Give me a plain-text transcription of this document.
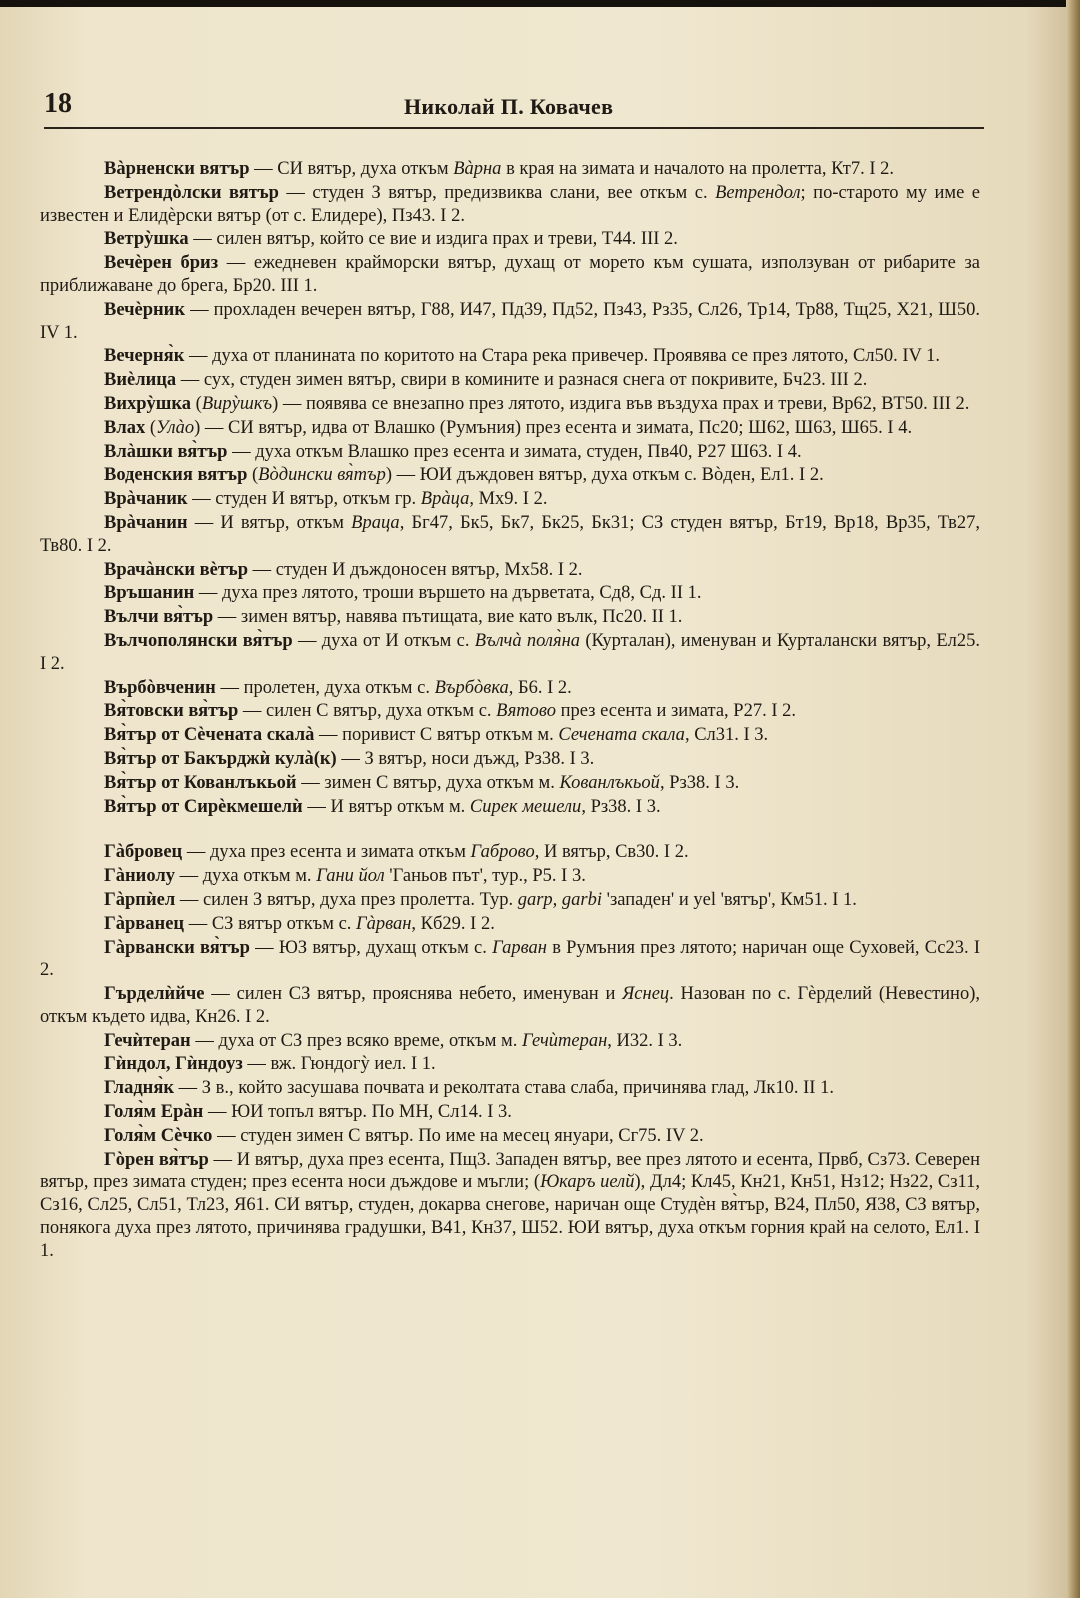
18	Николай П. Ковачев

Вàрненски вятър — СИ вятър, духа откъм Вàрна в края на зимата и началото на пролетта, Кт7. I 2.

Ветрендòлски вятър — студен З вятър, предизвиква слани, вее откъм с. Ветрендол; по-старото му име е известен и Елидèрски вятър (от с. Елидере), Пз43. I 2.

Ветрỳшка — силен вятър, който се вие и издига прах и треви, Т44. III 2.

Вечѐрен бриз — ежедневен крайморски вятър, духащ от морето към сушата, използуван от рибарите за приближаване до брега, Бр20. III 1.

Вечѐрник — прохладен вечерен вятър, Г88, И47, Пд39, Пд52, Пз43, Рз35, Сл26, Тр14, Тр88, Тщ25, Х21, Ш50. IV 1.

Вечерня̀к — духа от планината по коритото на Стара река привечер. Проявява се през лятото, Сл50. IV 1.

Виѐлица — сух, студен зимен вятър, свири в комините и разнася снега от покривите, Бч23. III 2.

Вихрỳшка (Вирỳшкъ) — появява се внезапно през лятото, издига във въздуха прах и треви, Вр62, ВТ50. III 2.

Влах (Улàо) — СИ вятър, идва от Влашко (Румъния) през есента и зимата, Пс20; Ш62, Ш63, Ш65. I 4.

Влàшки вя̀тър — духа откъм Влашко през есента и зимата, студен, Пв40, Р27 Ш63. I 4.

Воденския вятър (Вòдински вя̀тър) — ЮИ дъждовен вятър, духа откъм с. Вòден, Ел1. I 2.

Врàчаник — студен И вятър, откъм гр. Врàца, Мх9. I 2.

Врàчанин — И вятър, откъм Враца, Бг47, Бк5, Бк7, Бк25, Бк31; СЗ студен вятър, Бт19, Вр18, Вр35, Тв27, Тв80. I 2.

Врачàнски вѐтър — студен И дъждоносен вятър, Мх58. I 2.

Връшанин — духа през лятото, троши вършето на дърветата, Сд8, Сд. II 1.

Вълчи вя̀тър — зимен вятър, навява пътищата, вие като вълк, Пс20. II 1.

Вълчополянски вя̀тър — духа от И откъм с. Вълчà поля̀на (Курталан), именуван и Курталански вятър, Ел25. I 2.

Върбòвченин — пролетен, духа откъм с. Върбòвка, Б6. I 2.

Вя̀товски вя̀тър — силен С вятър, духа откъм с. Вятово през есента и зимата, Р27. I 2.

Вя̀тър от Сѐчената скалà — поривист С вятър откъм м. Сечената скала, Сл31. I 3.

Вя̀тър от Бакърджѝ кулà(к) — З вятър, носи дъжд, Рз38. I 3.

Вя̀тър от Кованлъкьой — зимен С вятър, духа откъм м. Кованлъкьой, Рз38. I 3.

Вя̀тър от Сирѐкмешелѝ — И вятър откъм м. Сирек мешели, Рз38. I 3.

Гàбровец — духа през есента и зимата откъм Габрово, И вятър, Св30. I 2.

Гàниолу — духа откъм м. Гани йол 'Ганьов път', тур., Р5. I 3.

Гàрпѝел — силен З вятър, духа през пролетта. Тур. garp, garbi 'западен' и yel 'вятър', Км51. I 1.

Гàрванец — СЗ вятър откъм с. Гàрван, Кб29. I 2.

Гàрвански вя̀тър — ЮЗ вятър, духащ откъм с. Гарван в Румъния през лятото; наричан още Суховей, Сс23. I 2.

Гърделѝйче — силен СЗ вятър, прояснява небето, именуван и Яснец. Назован по с. Гèрделий (Невестино), откъм където идва, Кн26. I 2.

Гечѝтеран — духа от СЗ през всяко време, откъм м. Гечѝтеран, И32. I 3.

Гѝндол, Гѝндоуз — вж. Гюндогỳ иел. I 1.

Гладня̀к — З в., който засушава почвата и реколтата става слаба, причинява глад, Лк10. II 1.

Голя̀м Ерàн — ЮИ топъл вятър. По МН, Сл14. I 3.

Голя̀м Сѐчко — студен зимен С вятър. По име на месец януари, Сг75. IV 2.

Гòрен вя̀тър — И вятър, духа през есента, Пщ3. Западен вятър, вее през лятото и есента, Првб, Сз73. Северен вятър, през зимата студен; през есента носи дъждове и мъгли; (Юкаръ иелй), Дл4; Кл45, Кн21, Кн51, Нз12; Нз22, Сз11, Сз16, Сл25, Сл51, Тл23, Я61. СИ вятър, студен, докарва снегове, наричан още Студѐн вя̀тър, В24, Пл50, Я38, СЗ вятър, понякога духа през лятото, причинява градушки, В41, Кн37, Ш52. ЮИ вятър, духа откъм горния край на селото, Ел1. I 1.
